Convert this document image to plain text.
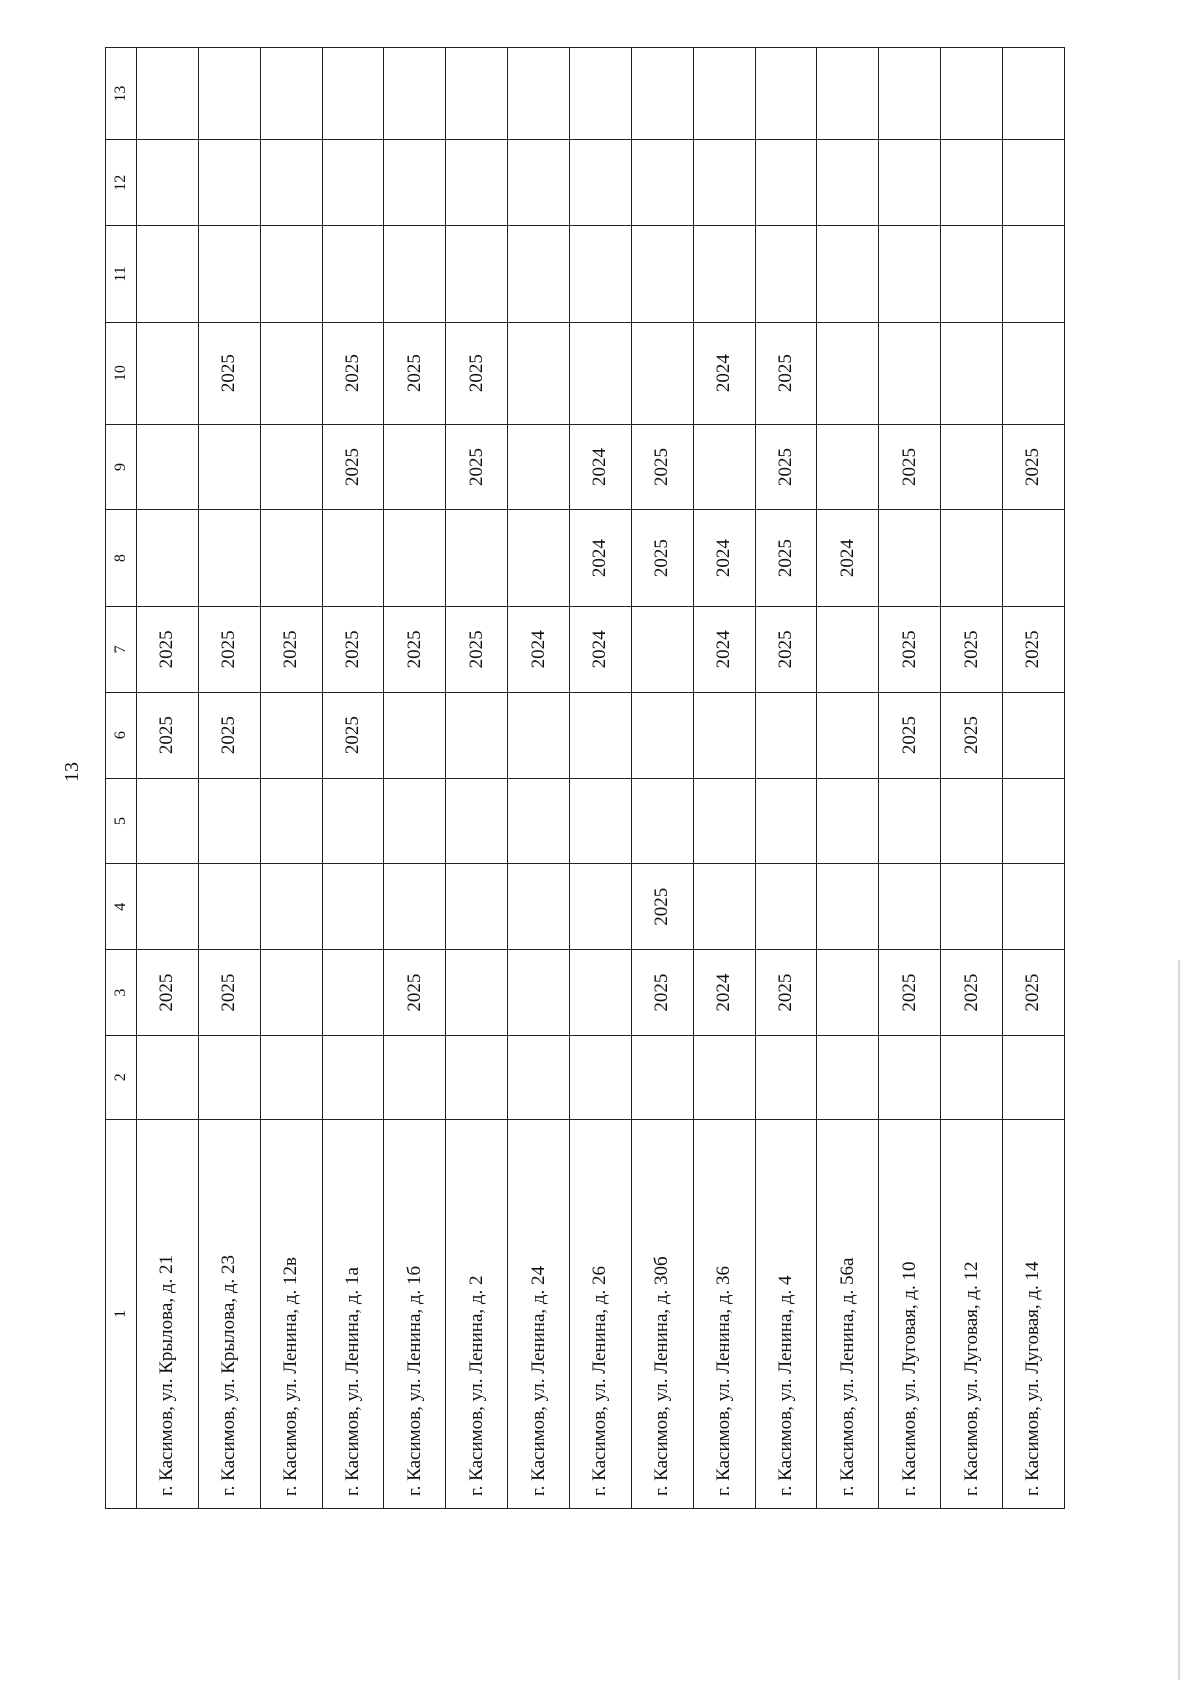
13
1	2	3	4	5	6	7	8	9	10	11	12	13
г. Касимов, ул. Крылова, д. 21		2025			2025	2025						
г. Касимов, ул. Крылова, д. 23		2025			2025	2025			2025			
г. Касимов, ул. Ленина, д. 12в						2025						
г. Касимов, ул. Ленина, д. 1а					2025	2025		2025	2025			
г. Касимов, ул. Ленина, д. 1б		2025				2025			2025			
г. Касимов, ул. Ленина, д. 2						2025		2025	2025			
г. Касимов, ул. Ленина, д. 24						2024						
г. Касимов, ул. Ленина, д. 26						2024	2024	2024				
г. Касимов, ул. Ленина, д. 30б		2025	2025				2025	2025				
г. Касимов, ул. Ленина, д. 36		2024				2024	2024		2024			
г. Касимов, ул. Ленина, д. 4		2025				2025	2025	2025	2025			
г. Касимов, ул. Ленина, д. 56а							2024					
г. Касимов, ул. Луговая, д. 10		2025			2025	2025		2025				
г. Касимов, ул. Луговая, д. 12		2025			2025	2025						
г. Касимов, ул. Луговая, д. 14		2025				2025		2025				
